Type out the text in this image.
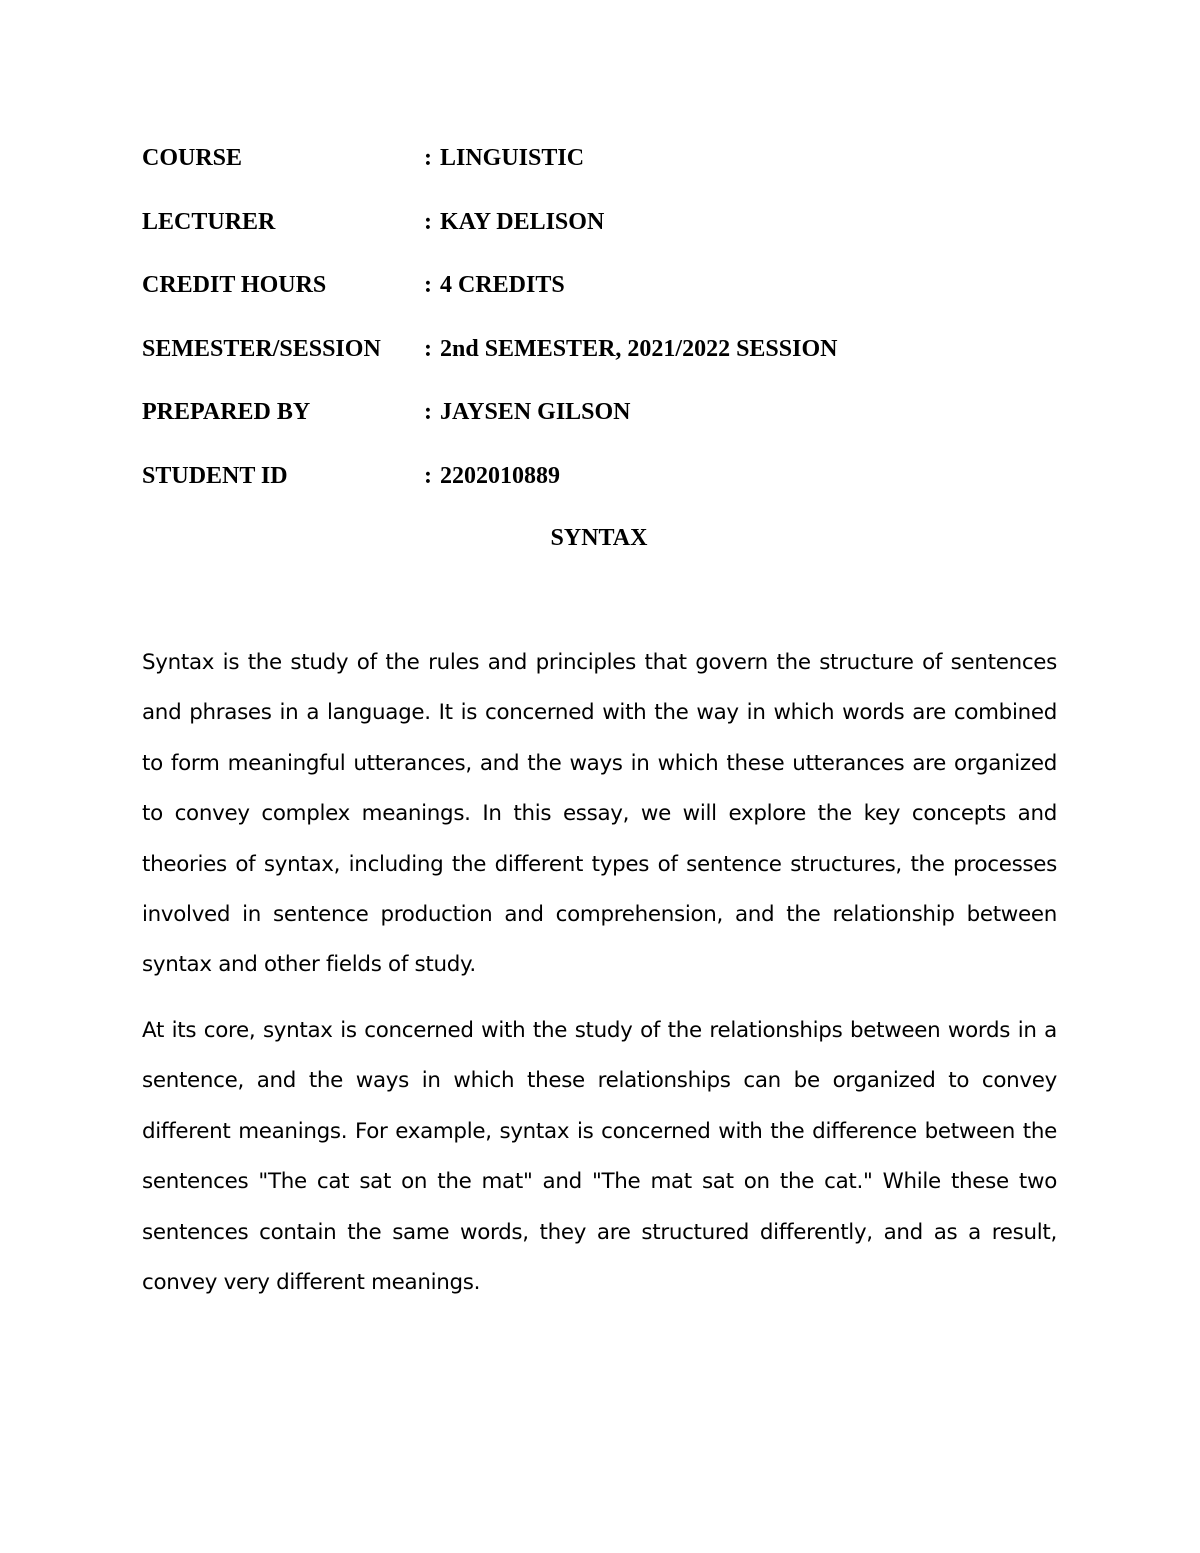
COURSE	: LINGUISTIC
LECTURER	: KAY DELISON
CREDIT HOURS	: 4 CREDITS
SEMESTER/SESSION	: 2nd SEMESTER, 2021/2022 SESSION
PREPARED BY	: JAYSEN GILSON
STUDENT ID	: 2202010889
SYNTAX

Syntax is the study of the rules and principles that govern the structure of sentences and phrases in a language. It is concerned with the way in which words are combined to form meaningful utterances, and the ways in which these utterances are organized to convey complex meanings. In this essay, we will explore the key concepts and theories of syntax, including the different types of sentence structures, the processes involved in sentence production and comprehension, and the relationship between syntax and other fields of study.

At its core, syntax is concerned with the study of the relationships between words in a sentence, and the ways in which these relationships can be organized to convey different meanings. For example, syntax is concerned with the difference between the sentences "The cat sat on the mat" and "The mat sat on the cat." While these two sentences contain the same words, they are structured differently, and as a result, convey very different meanings.
